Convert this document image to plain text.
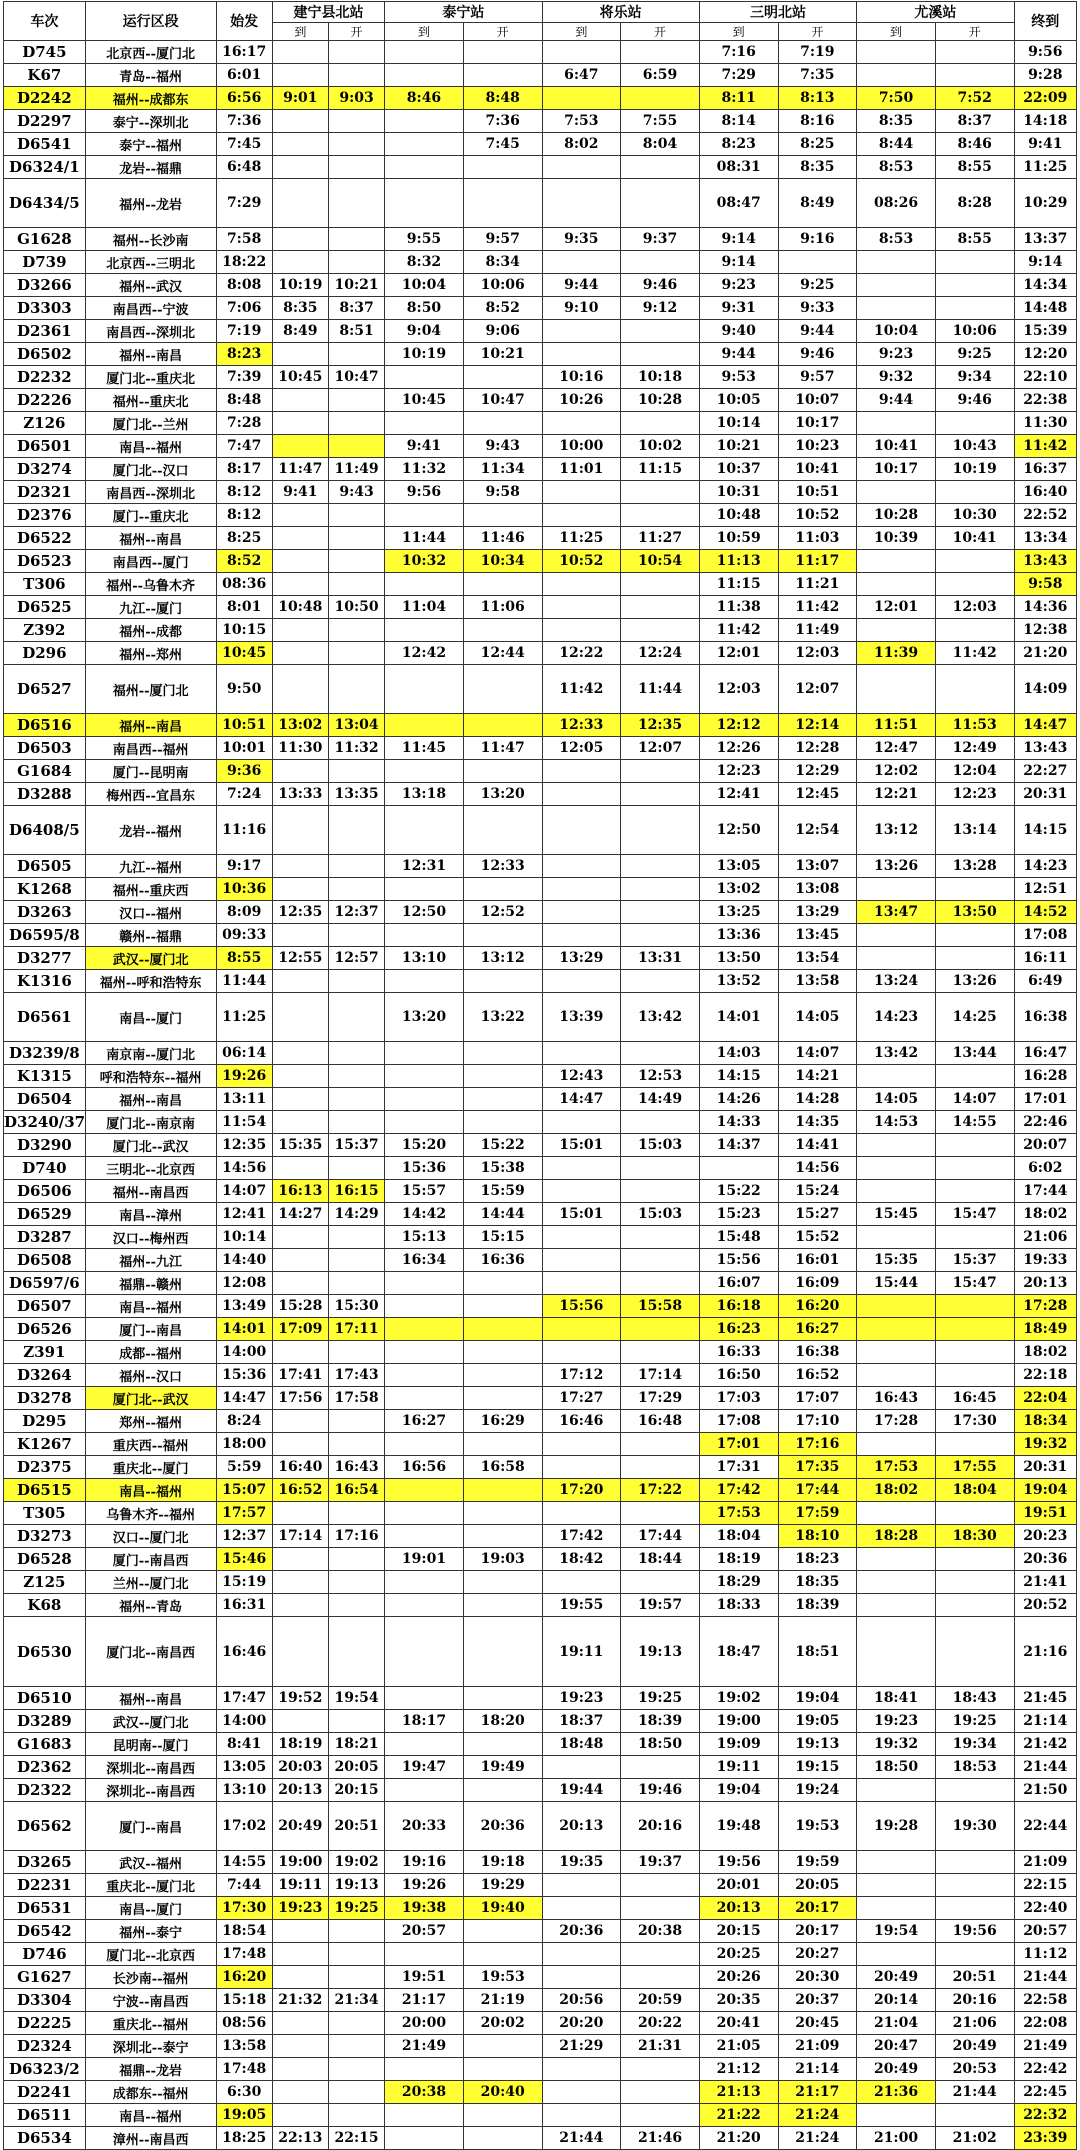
车次	运行区段	始发	建宁县北站		泰宁站		将乐站		三明北站		尤溪站		终到
			到	开	到	开	到	开	到	开	到	开	
D745	北京西--厦门北	16:17							7:16	7:19			9:56
K67	青岛--福州	6:01					6:47	6:59	7:29	7:35			9:28
D2242	福州--成都东	6:56	9:01	9:03	8:46	8:48			8:11	8:13	7:50	7:52	22:09
D2297	泰宁--深圳北	7:36				7:36	7:53	7:55	8:14	8:16	8:35	8:37	14:18
D6541	泰宁--福州	7:45				7:45	8:02	8:04	8:23	8:25	8:44	8:46	9:41
D6324/1	龙岩--福鼎	6:48							08:31	8:35	8:53	8:55	11:25
D6434/5	福州--龙岩	7:29							08:47	8:49	08:26	8:28	10:29
G1628	福州--长沙南	7:58			9:55	9:57	9:35	9:37	9:14	9:16	8:53	8:55	13:37
D739	北京西--三明北	18:22			8:32	8:34			9:14				9:14
D3266	福州--武汉	8:08	10:19	10:21	10:04	10:06	9:44	9:46	9:23	9:25			14:34
D3303	南昌西--宁波	7:06	8:35	8:37	8:50	8:52	9:10	9:12	9:31	9:33			14:48
D2361	南昌西--深圳北	7:19	8:49	8:51	9:04	9:06			9:40	9:44	10:04	10:06	15:39
D6502	福州--南昌	8:23			10:19	10:21			9:44	9:46	9:23	9:25	12:20
D2232	厦门北--重庆北	7:39	10:45	10:47			10:16	10:18	9:53	9:57	9:32	9:34	22:10
D2226	福州--重庆北	8:48			10:45	10:47	10:26	10:28	10:05	10:07	9:44	9:46	22:38
Z126	厦门北--兰州	7:28							10:14	10:17			11:30
D6501	南昌--福州	7:47			9:41	9:43	10:00	10:02	10:21	10:23	10:41	10:43	11:42
D3274	厦门北--汉口	8:17	11:47	11:49	11:32	11:34	11:01	11:15	10:37	10:41	10:17	10:19	16:37
D2321	南昌西--深圳北	8:12	9:41	9:43	9:56	9:58			10:31	10:51			16:40
D2376	厦门--重庆北	8:12							10:48	10:52	10:28	10:30	22:52
D6522	福州--南昌	8:25			11:44	11:46	11:25	11:27	10:59	11:03	10:39	10:41	13:34
D6523	南昌西--厦门	8:52			10:32	10:34	10:52	10:54	11:13	11:17			13:43
T306	福州--乌鲁木齐	08:36							11:15	11:21			9:58
D6525	九江--厦门	8:01	10:48	10:50	11:04	11:06			11:38	11:42	12:01	12:03	14:36
Z392	福州--成都	10:15							11:42	11:49			12:38
D296	福州--郑州	10:45			12:42	12:44	12:22	12:24	12:01	12:03	11:39	11:42	21:20
D6527	福州--厦门北	9:50					11:42	11:44	12:03	12:07			14:09
D6516	福州--南昌	10:51	13:02	13:04			12:33	12:35	12:12	12:14	11:51	11:53	14:47
D6503	南昌西--福州	10:01	11:30	11:32	11:45	11:47	12:05	12:07	12:26	12:28	12:47	12:49	13:43
G1684	厦门--昆明南	9:36							12:23	12:29	12:02	12:04	22:27
D3288	梅州西--宜昌东	7:24	13:33	13:35	13:18	13:20			12:41	12:45	12:21	12:23	20:31
D6408/5	龙岩--福州	11:16							12:50	12:54	13:12	13:14	14:15
D6505	九江--福州	9:17			12:31	12:33			13:05	13:07	13:26	13:28	14:23
K1268	福州--重庆西	10:36							13:02	13:08			12:51
D3263	汉口--福州	8:09	12:35	12:37	12:50	12:52			13:25	13:29	13:47	13:50	14:52
D6595/8	赣州--福鼎	09:33							13:36	13:45			17:08
D3277	武汉--厦门北	8:55	12:55	12:57	13:10	13:12	13:29	13:31	13:50	13:54			16:11
K1316	福州--呼和浩特东	11:44							13:52	13:58	13:24	13:26	6:49
D6561	南昌--厦门	11:25			13:20	13:22	13:39	13:42	14:01	14:05	14:23	14:25	16:38
D3239/8	南京南--厦门北	06:14							14:03	14:07	13:42	13:44	16:47
K1315	呼和浩特东--福州	19:26					12:43	12:53	14:15	14:21			16:28
D6504	福州--南昌	13:11					14:47	14:49	14:26	14:28	14:05	14:07	17:01
D3240/37	厦门北--南京南	11:54							14:33	14:35	14:53	14:55	22:46
D3290	厦门北--武汉	12:35	15:35	15:37	15:20	15:22	15:01	15:03	14:37	14:41			20:07
D740	三明北--北京西	14:56			15:36	15:38				14:56			6:02
D6506	福州--南昌西	14:07	16:13	16:15	15:57	15:59			15:22	15:24			17:44
D6529	南昌--漳州	12:41	14:27	14:29	14:42	14:44	15:01	15:03	15:23	15:27	15:45	15:47	18:02
D3287	汉口--梅州西	10:14			15:13	15:15			15:48	15:52			21:06
D6508	福州--九江	14:40			16:34	16:36			15:56	16:01	15:35	15:37	19:33
D6597/6	福鼎--赣州	12:08							16:07	16:09	15:44	15:47	20:13
D6507	南昌--福州	13:49	15:28	15:30			15:56	15:58	16:18	16:20			17:28
D6526	厦门--南昌	14:01	17:09	17:11					16:23	16:27			18:49
Z391	成都--福州	14:00							16:33	16:38			18:02
D3264	福州--汉口	15:36	17:41	17:43			17:12	17:14	16:50	16:52			22:18
D3278	厦门北--武汉	14:47	17:56	17:58			17:27	17:29	17:03	17:07	16:43	16:45	22:04
D295	郑州--福州	8:24			16:27	16:29	16:46	16:48	17:08	17:10	17:28	17:30	18:34
K1267	重庆西--福州	18:00							17:01	17:16			19:32
D2375	重庆北--厦门	5:59	16:40	16:43	16:56	16:58			17:31	17:35	17:53	17:55	20:31
D6515	南昌--福州	15:07	16:52	16:54			17:20	17:22	17:42	17:44	18:02	18:04	19:04
T305	乌鲁木齐--福州	17:57							17:53	17:59			19:51
D3273	汉口--厦门北	12:37	17:14	17:16			17:42	17:44	18:04	18:10	18:28	18:30	20:23
D6528	厦门--南昌西	15:46			19:01	19:03	18:42	18:44	18:19	18:23			20:36
Z125	兰州--厦门北	15:19							18:29	18:35			21:41
K68	福州--青岛	16:31					19:55	19:57	18:33	18:39			20:52
D6530	厦门北--南昌西	16:46					19:11	19:13	18:47	18:51			21:16
D6510	福州--南昌	17:47	19:52	19:54			19:23	19:25	19:02	19:04	18:41	18:43	21:45
D3289	武汉--厦门北	14:00			18:17	18:20	18:37	18:39	19:00	19:05	19:23	19:25	21:14
G1683	昆明南--厦门	8:41	18:19	18:21			18:48	18:50	19:09	19:13	19:32	19:34	21:42
D2362	深圳北--南昌西	13:05	20:03	20:05	19:47	19:49			19:11	19:15	18:50	18:53	21:44
D2322	深圳北--南昌西	13:10	20:13	20:15			19:44	19:46	19:04	19:24			21:50
D6562	厦门--南昌	17:02	20:49	20:51	20:33	20:36	20:13	20:16	19:48	19:53	19:28	19:30	22:44
D3265	武汉--福州	14:55	19:00	19:02	19:16	19:18	19:35	19:37	19:56	19:59			21:09
D2231	重庆北--厦门北	7:44	19:11	19:13	19:26	19:29			20:01	20:05			22:15
D6531	南昌--厦门	17:30	19:23	19:25	19:38	19:40			20:13	20:17			22:40
D6542	福州--泰宁	18:54			20:57		20:36	20:38	20:15	20:17	19:54	19:56	20:57
D746	厦门北--北京西	17:48							20:25	20:27			11:12
G1627	长沙南--福州	16:20			19:51	19:53			20:26	20:30	20:49	20:51	21:44
D3304	宁波--南昌西	15:18	21:32	21:34	21:17	21:19	20:56	20:59	20:35	20:37	20:14	20:16	22:58
D2225	重庆北--福州	08:56			20:00	20:02	20:20	20:22	20:41	20:45	21:04	21:06	22:08
D2324	深圳北--泰宁	13:58			21:49		21:29	21:31	21:05	21:09	20:47	20:49	21:49
D6323/2	福鼎--龙岩	17:48							21:12	21:14	20:49	20:53	22:42
D2241	成都东--福州	6:30			20:38	20:40			21:13	21:17	21:36	21:44	22:45
D6511	南昌--福州	19:05							21:22	21:24			22:32
D6534	漳州--南昌西	18:25	22:13	22:15			21:44	21:46	21:20	21:24	21:00	21:02	23:39
